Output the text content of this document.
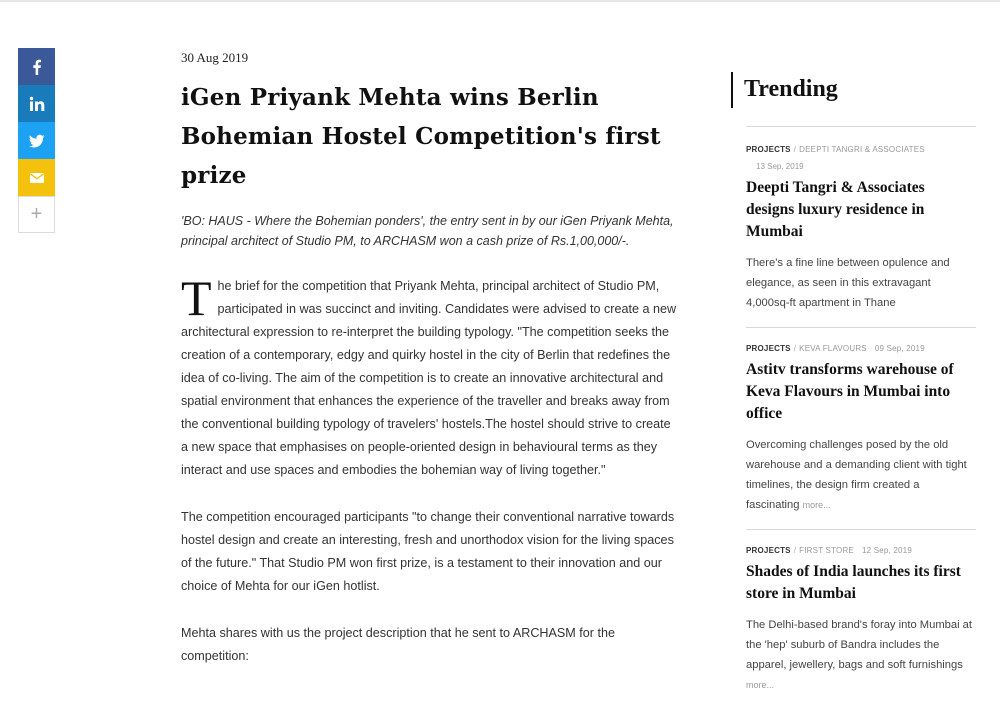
+
30 Aug 2019
iGen Priyank Mehta wins Berlin
Bohemian Hostel Competition's first
prize

'BO: HAUS - Where the Bohemian ponders', the entry sent in by our iGen Priyank Mehta, principal architect of Studio PM, to ARCHASM won a cash prize of Rs.1,00,000/-.

T he brief for the competition that Priyank Mehta, principal architect of Studio PM, participated in was succinct and inviting. Candidates were advised to create a new architectural expression to re-interpret the building typology. "The competition seeks the creation of a contemporary, edgy and quirky hostel in the city of Berlin that redefines the idea of co-living. The aim of the competition is to create an innovative architectural and spatial environment that enhances the experience of the traveller and breaks away from the conventional building typology of travelers' hostels.The hostel should strive to create a new space that emphasises on people-oriented design in behavioural terms as they interact and use spaces and embodies the bohemian way of living together."

The competition encouraged participants "to change their conventional narrative towards hostel design and create an interesting, fresh and unorthodox vision for the living spaces of the future." That Studio PM won first prize, is a testament to their innovation and our choice of Mehta for our iGen hotlist.

Mehta shares with us the project description that he sent to ARCHASM for the competition:

Trending
PROJECTS / DEEPTI TANGRI & ASSOCIATES
13 Sep, 2019
Deepti Tangri & Associates designs luxury residence in Mumbai

There's a fine line between opulence and elegance, as seen in this extravagant 4,000sq-ft apartment in Thane

PROJECTS / KEVA FLAVOURS 09 Sep, 2019
Astitv transforms warehouse of Keva Flavours in Mumbai into office

Overcoming challenges posed by the old warehouse and a demanding client with tight timelines, the design firm created a fascinating more...

PROJECTS / FIRST STORE 12 Sep, 2019
Shades of India launches its first store in Mumbai

The Delhi-based brand's foray into Mumbai at the 'hep' suburb of Bandra includes the apparel, jewellery, bags and soft furnishings
more...
